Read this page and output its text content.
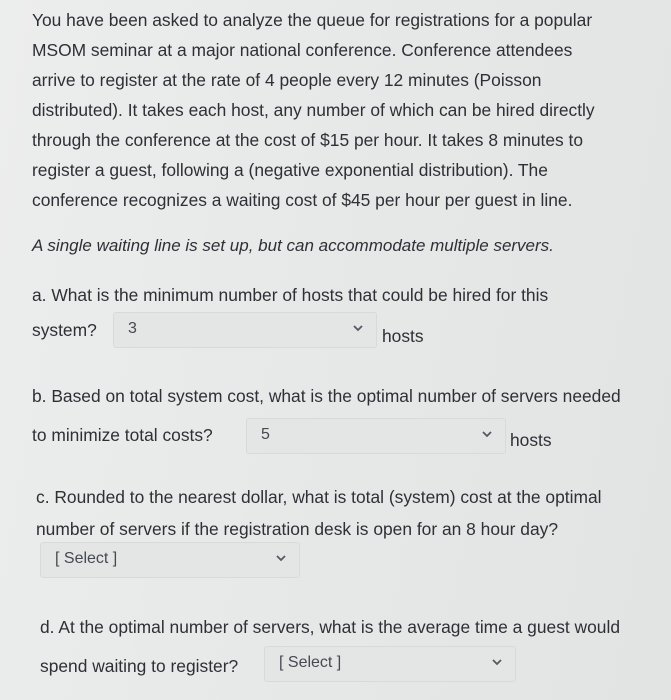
You have been asked to analyze the queue for registrations for a popular
MSOM seminar at a major national conference. Conference attendees
arrive to register at the rate of 4 people every 12 minutes (Poisson
distributed). It takes each host, any number of which can be hired directly
through the conference at the cost of $15 per hour. It takes 8 minutes to
register a guest, following a (negative exponential distribution). The
conference recognizes a waiting cost of $45 per hour per guest in line.

A single waiting line is set up, but can accommodate multiple servers.

a. What is the minimum number of hosts that could be hired for this

system? 3	hosts

b. Based on total system cost, what is the optimal number of servers needed

to minimize total costs?	5	hosts

c. Rounded to the nearest dollar, what is total (system) cost at the optimal

number of servers if the registration desk is open for an 8 hour day?

[ Select ]

d. At the optimal number of servers, what is the average time a guest would

spend waiting to register?	[ Select ]
